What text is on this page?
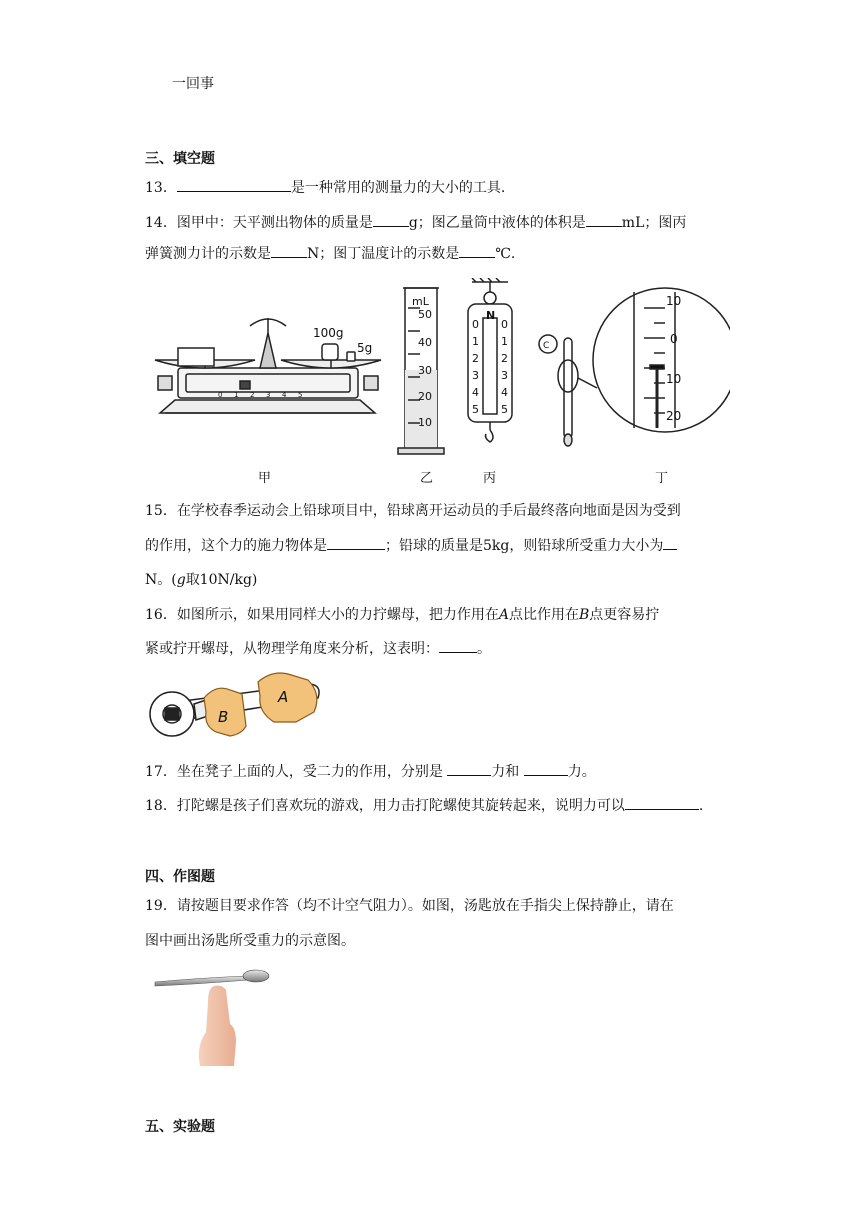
一回事
三、填空题
13．	是一种常用的测量力的大小的工具.
14．图甲中：天平测出物体的质量是	g；图乙量筒中液体的体积是	mL；图丙
弹簧测力计的示数是	N；图丁温度计的示数是	℃.
100g
5g
0 1 2 3 4 5
mL
50
40
30
20
10
N
0
1
2
3
4
5
0
1
2
3
4
5
C
10
0
10
20
甲	乙	丙	丁
15．在学校春季运动会上铅球项目中，铅球离开运动员的手后最终落向地面是因为受到
的作用，这个力的施力物体是	；铅球的质量是5kg，则铅球所受重力大小为
N。(g取10N/kg)
16．如图所示，如果用同样大小的力拧螺母，把力作用在A点比作用在B点更容易拧
紧或拧开螺母，从物理学角度来分析，这表明：	。
B
A
17．坐在凳子上面的人，受二力的作用，分别是	力和	力。
18．打陀螺是孩子们喜欢玩的游戏，用力击打陀螺使其旋转起来，说明力可以	.
四、作图题
19．请按题目要求作答（均不计空气阻力）。如图，汤匙放在手指尖上保持静止，请在
图中画出汤匙所受重力的示意图。
五、实验题
